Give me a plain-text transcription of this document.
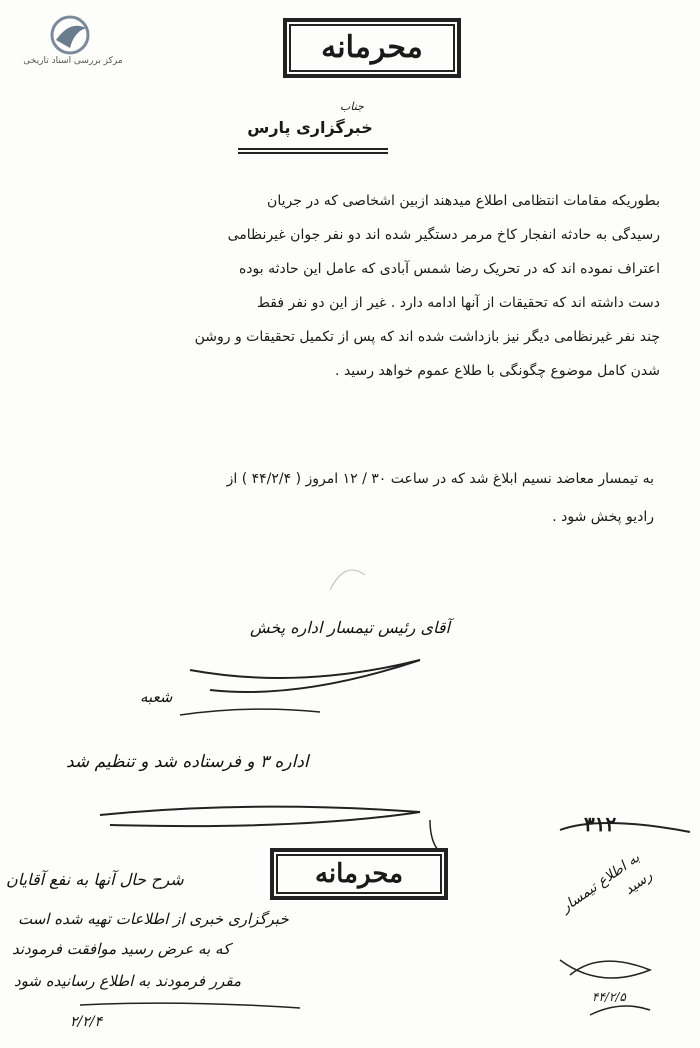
مرکز بررسی اسناد تاریخی	محرمانه
جناب
خبرگزاری پارس
بطوریکه مقامات انتظامی اطلاع میدهند ازبین اشخاصی که در جریان
رسیدگی به حادثه انفجار کاخ مرمر دستگیر شده اند دو نفر جوان غیرنظامی
اعتراف نموده اند که در تحریک رضا شمس آبادی که عامل این حادثه بوده
دست داشته اند که تحقیقات از آنها ادامه دارد . غیر از این دو نفر فقط
چند نفر غیرنظامی دیگر نیز بازداشت شده اند که پس از تکمیل تحقیقات و روشن
شدن کامل موضوع چگونگی با طلاع عموم خواهد رسید .
به تیمسار معاضد نسیم ابلاغ شد که در ساعت ۳۰ / ۱۲ امروز ( ۴۴/۲/۴ ) از
رادیو پخش شود .
آقای رئیس تیمسار اداره پخش
شعبه
اداره ۳ و فرستاده شد و تنظیم شد
محرمانه
شرح حال آنها به نفع آقایان
خبرگزاری خبری از اطلاعات تهیه شده است
که به عرض رسید موافقت فرمودند
مقرر فرمودند به اطلاع رسانیده شود
۲/۲/۴
۳۱۲
به اطلاع تیمسار رسید
۴۴/۲/۵
